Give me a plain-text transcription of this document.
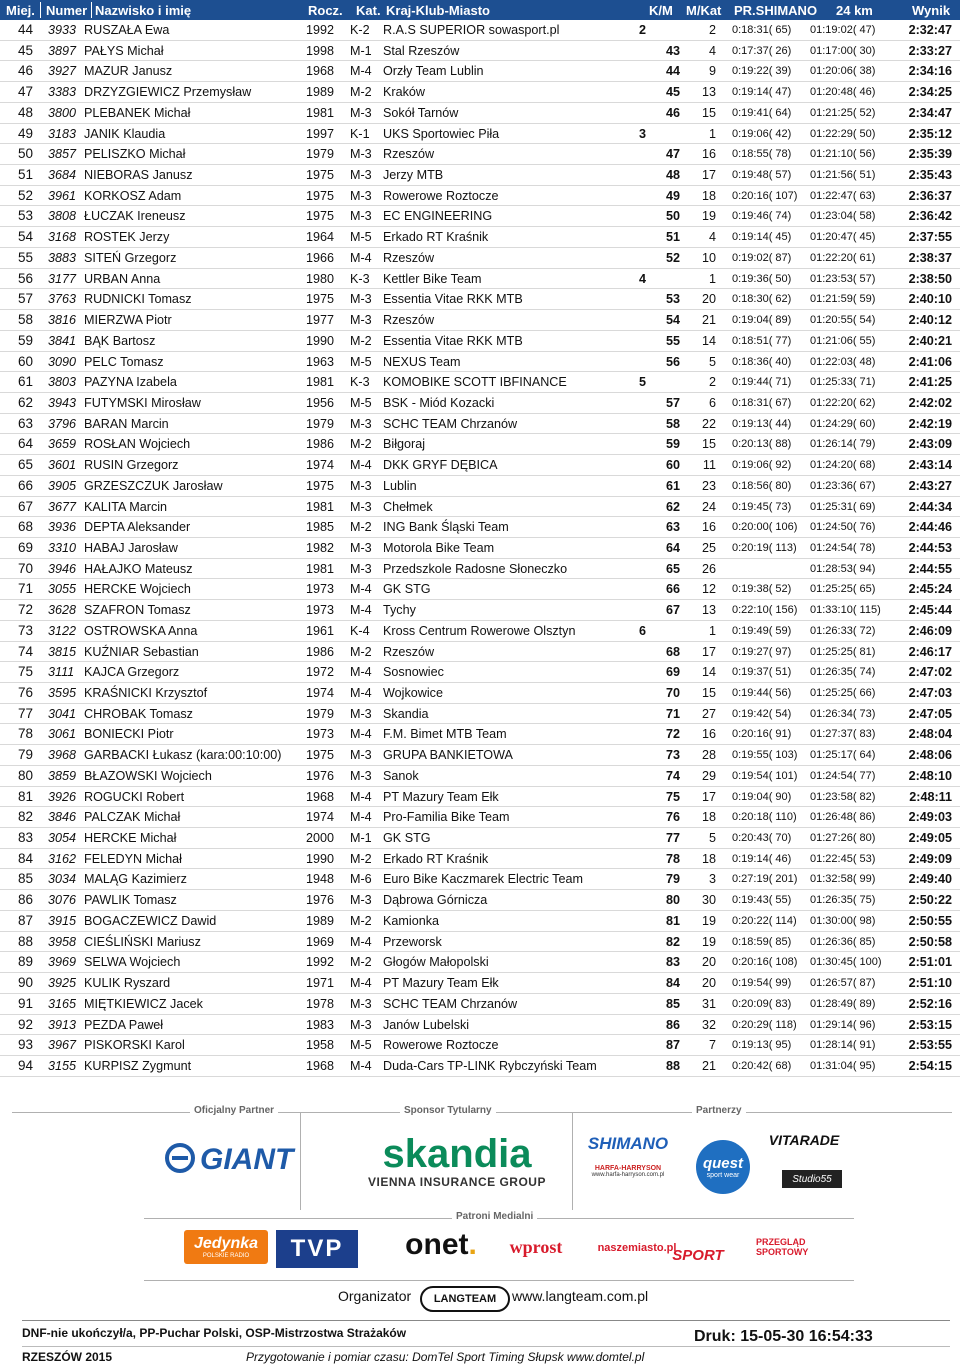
Miej. Numer Nazwisko i imię	Rocz. Kat. Kraj-Klub-Miasto	K/M M/Kat PR.SHIMANO 24 km	Wynik
44 3933 RUSZAŁA Ewa	1992 K-2 R.A.S SUPERIOR sowasport.pl	2	2 0:18:31( 65) 01:19:02( 47)	2:32:47
45 3897 PAŁYS Michał	1998 M-1 Stal Rzeszów	43	4 0:17:37( 26) 01:17:00( 30)	2:33:27
46 3927 MAZUR Janusz	1968 M-4 Orzły Team Lublin	44	9 0:19:22( 39) 01:20:06( 38)	2:34:16
47 3383 DRZYZGIEWICZ Przemysław	1989 M-2 Kraków	45 13 0:19:14( 47) 01:20:48( 46)	2:34:25
48 3800 PLEBANEK Michał	1981 M-3 Sokół Tarnów	46 15 0:19:41( 64) 01:21:25( 52)	2:34:47
49 3183 JANIK Klaudia	1997 K-1 UKS Sportowiec Piła	3	1 0:19:06( 42) 01:22:29( 50)	2:35:12
50 3857 PELISZKO Michał	1979 M-3 Rzeszów	47 16 0:18:55( 78) 01:21:10( 56)	2:35:39
51 3684 NIEBORAS Janusz	1975 M-3 Jerzy MTB	48 17 0:19:48( 57) 01:21:56( 51)	2:35:43
52 3961 KORKOSZ Adam	1975 M-3 Rowerowe Roztocze	49 18 0:20:16( 107) 01:22:47( 63)	2:36:37
53 3808 ŁUCZAK Ireneusz	1975 M-3 EC ENGINEERING	50 19 0:19:46( 74) 01:23:04( 58)	2:36:42
54 3168 ROSTEK Jerzy	1964 M-5 Erkado RT Kraśnik	51	4 0:19:14( 45) 01:20:47( 45)	2:37:55
55 3883 SITEŃ Grzegorz	1966 M-4 Rzeszów	52 10 0:19:02( 87) 01:22:20( 61)	2:38:37
56 3177 URBAN Anna	1980 K-3 Kettler Bike Team	4	1 0:19:36( 50) 01:23:53( 57)	2:38:50
57 3763 RUDNICKI Tomasz	1975 M-3 Essentia Vitae RKK MTB	53 20 0:18:30( 62) 01:21:59( 59)	2:40:10
58 3816 MIERZWA Piotr	1977 M-3 Rzeszów	54 21 0:19:04( 89) 01:20:55( 54)	2:40:12
59 3841 BĄK Bartosz	1990 M-2 Essentia Vitae RKK MTB	55 14 0:18:51( 77) 01:21:06( 55)	2:40:21
60 3090 PELC Tomasz	1963 M-5 NEXUS Team	56	5 0:18:36( 40) 01:22:03( 48)	2:41:06
61 3803 PAZYNA Izabela	1981 K-3 KOMOBIKE SCOTT IBFINANCE	5	2 0:19:44( 71) 01:25:33( 71)	2:41:25
62 3943 FUTYMSKI Mirosław	1956 M-5 BSK - Miód Kozacki	57	6 0:18:31( 67) 01:22:20( 62)	2:42:02
63 3796 BARAN Marcin	1979 M-3 SCHC TEAM Chrzanów	58 22 0:19:13( 44) 01:24:29( 60)	2:42:19
64 3659 ROSŁAN Wojciech	1986 M-2 Biłgoraj	59 15 0:20:13( 88) 01:26:14( 79)	2:43:09
65 3601 RUSIN Grzegorz	1974 M-4 DKK GRYF DĘBICA	60 11 0:19:06( 92) 01:24:20( 68)	2:43:14
66 3905 GRZESZCZUK Jarosław	1975 M-3 Lublin	61 23 0:18:56( 80) 01:23:36( 67)	2:43:27
67 3677 KALITA Marcin	1981 M-3 Chełmek	62 24 0:19:45( 73) 01:25:31( 69)	2:44:34
68 3936 DEPTA Aleksander	1985 M-2 ING Bank Śląski Team	63 16 0:20:00( 106) 01:24:50( 76)	2:44:46
69 3310 HABAJ Jarosław	1982 M-3 Motorola Bike Team	64 25 0:20:19( 113) 01:24:54( 78)	2:44:53
70 3946 HAŁAJKO Mateusz	1981 M-3 Przedszkole Radosne Słoneczko	65 26	01:28:53( 94)	2:44:55
71 3055 HERCKE Wojciech	1973 M-4 GK STG	66 12 0:19:38( 52) 01:25:25( 65)	2:45:24
72 3628 SZAFRON Tomasz	1973 M-4 Tychy	67 13 0:22:10( 156) 01:33:10( 115)	2:45:44
73 3122 OSTROWSKA Anna	1961 K-4 Kross Centrum Rowerowe Olsztyn	6	1 0:19:49( 59) 01:26:33( 72)	2:46:09
74 3815 KUŹNIAR Sebastian	1986 M-2 Rzeszów	68 17 0:19:27( 97) 01:25:25( 81)	2:46:17
75 3111 KAJCA Grzegorz	1972 M-4 Sosnowiec	69 14 0:19:37( 51) 01:26:35( 74)	2:47:02
76 3595 KRAŚNICKI Krzysztof	1974 M-4 Wojkowice	70 15 0:19:44( 56) 01:25:25( 66)	2:47:03
77 3041 CHROBAK Tomasz	1979 M-3 Skandia	71 27 0:19:42( 54) 01:26:34( 73)	2:47:05
78 3061 BONIECKI Piotr	1973 M-4 F.M. Bimet MTB Team	72 16 0:20:16( 91) 01:27:37( 83)	2:48:04
79 3968 GARBACKI Łukasz (kara:00:10:00) 1975 M-3 GRUPA BANKIETOWA	73 28 0:19:55( 103) 01:25:17( 64)	2:48:06
80 3859 BŁAZOWSKI Wojciech	1976 M-3 Sanok	74 29 0:19:54( 101) 01:24:54( 77)	2:48:10
81 3926 ROGUCKI Robert	1968 M-4 PT Mazury Team Ełk	75 17 0:19:04( 90) 01:23:58( 82)	2:48:11
82 3846 PALCZAK Michał	1974 M-4 Pro-Familia Bike Team	76 18 0:20:18( 110) 01:26:48( 86)	2:49:03
83 3054 HERCKE Michał	2000 M-1 GK STG	77	5 0:20:43( 70) 01:27:26( 80)	2:49:05
84 3162 FELEDYN Michał	1990 M-2 Erkado RT Kraśnik	78 18 0:19:14( 46) 01:22:45( 53)	2:49:09
85 3034 MALĄG Kazimierz	1948 M-6 Euro Bike Kaczmarek Electric Team	79	3 0:27:19( 201) 01:32:58( 99)	2:49:40
86 3076 PAWLIK Tomasz	1976 M-3 Dąbrowa Górnicza	80 30 0:19:43( 55) 01:26:35( 75)	2:50:22
87 3915 BOGACZEWICZ Dawid	1989 M-2 Kamionka	81 19 0:20:22( 114) 01:30:00( 98)	2:50:55
88 3958 CIEŚLIŃSKI Mariusz	1969 M-4 Przeworsk	82 19 0:18:59( 85) 01:26:36( 85)	2:50:58
89 3969 SELWA Wojciech	1992 M-2 Głogów Małopolski	83 20 0:20:16( 108) 01:30:45( 100)	2:51:01
90 3925 KULIK Ryszard	1971 M-4 PT Mazury Team Ełk	84 20 0:19:54( 99) 01:26:57( 87)	2:51:10
91 3165 MIĘTKIEWICZ Jacek	1978 M-3 SCHC TEAM Chrzanów	85 31 0:20:09( 83) 01:28:49( 89)	2:52:16
92 3913 PEZDA Paweł	1983 M-3 Janów Lubelski	86 32 0:20:29( 118) 01:29:14( 96)	2:53:15
93 3967 PISKORSKI Karol	1958 M-5 Rowerowe Roztocze	87	7 0:19:13( 95) 01:28:14( 91)	2:53:55
94 3155 KURPISZ Zygmunt	1968 M-4 Duda-Cars TP-LINK Rybczyński Team	88 21 0:20:42( 68) 01:31:04( 95)	2:54:15
Oficjalny Partner	Sponsor Tytularny	Partnerzy
GIANT skandia
VIENNA INSURANCE GROUP
SHIMANO
HARFA-HARRYSON
www.harfa-harryson.com.pl
quest
sport wear
VITARADE
Studio55
Patroni Medialni
Jedynka
POLSKIE RADIO	TVP	onet .	wprost	naszemiasto.pl
SPORT
PRZEGLĄD SPORTOWY
Organizator	LANGTEAM	www.langteam.com.pl
DNF-nie ukończył/a, PP-Puchar Polski, OSP-Mistrzostwa Strażaków	Druk: 15-05-30 16:54:33
RZESZÓW 2015	Przygotowanie i pomiar czasu: DomTel Sport Timing Słupsk www.domtel.pl
